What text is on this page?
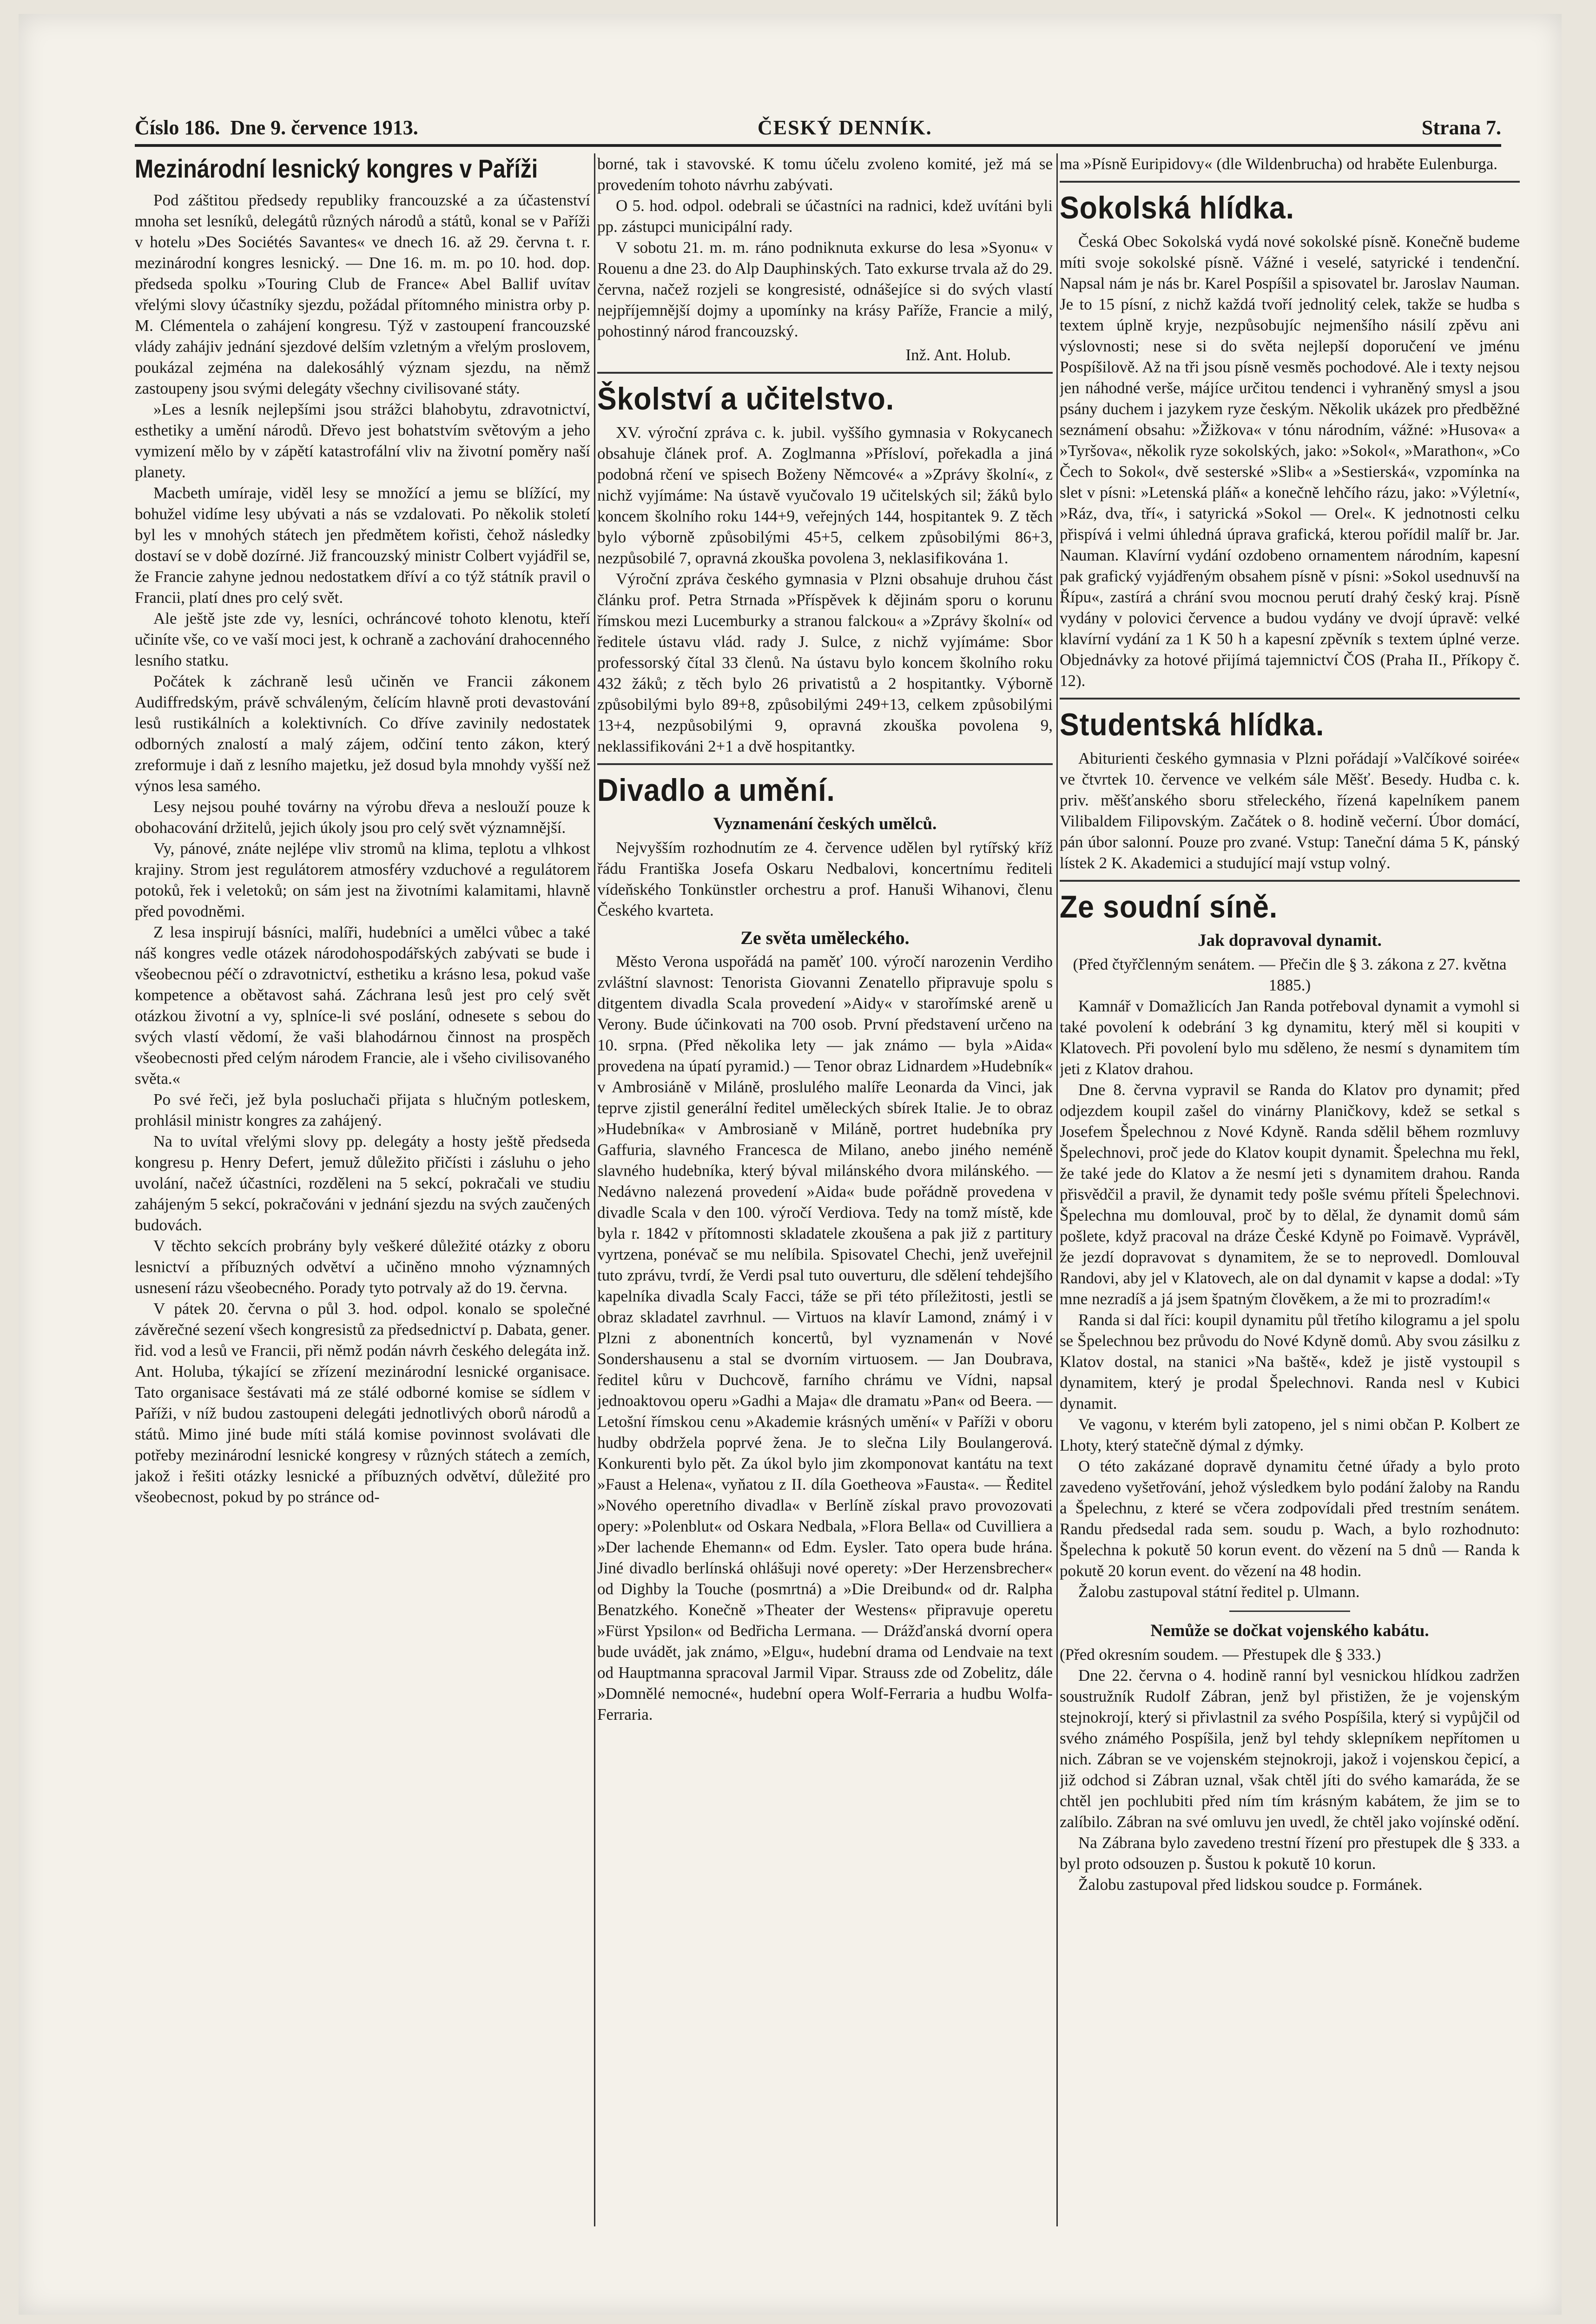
Číslo 186. Dne 9. července 1913.	ČESKÝ DENNÍK.	Strana 7.
Mezinárodní lesnický kongres v Paříži

Pod záštitou předsedy republiky francouzské a za účastenství mnoha set lesníků, delegátů různých národů a států, konal se v Paříži v hotelu »Des Sociétés Savantes« ve dnech 16. až 29. června t. r. mezinárodní kongres lesnický. — Dne 16. m. m. po 10. hod. dop. předseda spolku »Touring Club de France« Abel Ballif uvítav vřelými slovy účastníky sjezdu, požádal přítomného ministra orby p. M. Clémentela o zahájení kongresu. Týž v zastoupení francouzské vlády zahájiv jednání sjezdové delším vzletným a vřelým proslovem, poukázal zejména na dalekosáhlý význam sjezdu, na němž zastoupeny jsou svými delegáty všechny civilisované státy.

»Les a lesník nejlepšími jsou strážci blahobytu, zdravotnictví, esthetiky a umění národů. Dřevo jest bohatstvím světovým a jeho vymizení mělo by v zápětí katastrofální vliv na životní poměry naší planety.

Macbeth umíraje, viděl lesy se množící a jemu se blížící, my bohužel vidíme lesy ubývati a nás se vzdalovati. Po několik století byl les v mnohých státech jen předmětem kořisti, čehož následky dostaví se v době dozírné. Již francouzský ministr Colbert vyjádřil se, že Francie zahyne jednou nedostatkem dříví a co týž státník pravil o Francii, platí dnes pro celý svět.

Ale ještě jste zde vy, lesníci, ochráncové tohoto klenotu, kteří učiníte vše, co ve vaší moci jest, k ochraně a zachování drahocenného lesního statku.

Počátek k záchraně lesů učiněn ve Francii zákonem Audiffredským, právě schváleným, čelícím hlavně proti devastování lesů rustikálních a kolektivních. Co dříve zavinily nedostatek odborných znalostí a malý zájem, odčiní tento zákon, který zreformuje i daň z lesního majetku, jež dosud byla mnohdy vyšší než výnos lesa samého.

Lesy nejsou pouhé továrny na výrobu dřeva a neslouží pouze k obohacování držitelů, jejich úkoly jsou pro celý svět významnější.

Vy, pánové, znáte nejlépe vliv stromů na klima, teplotu a vlhkost krajiny. Strom jest regulátorem atmosféry vzduchové a regulátorem potoků, řek i veletoků; on sám jest na životními kalamitami, hlavně před povodněmi.

Z lesa inspirují básníci, malíři, hudebníci a umělci vůbec a také náš kongres vedle otázek národohospodářských zabývati se bude i všeobecnou péčí o zdravotnictví, esthetiku a krásno lesa, pokud vaše kompetence a obětavost sahá. Záchrana lesů jest pro celý svět otázkou životní a vy, splníce-li své poslání, odnesete s sebou do svých vlastí vědomí, že vaši blahodárnou činnost na prospěch všeobecnosti před celým národem Francie, ale i všeho civilisovaného světa.«

Po své řeči, jež byla posluchači přijata s hlučným potleskem, prohlásil ministr kongres za zahájený.

Na to uvítal vřelými slovy pp. delegáty a hosty ještě předseda kongresu p. Henry Defert, jemuž důležito přičísti i zásluhu o jeho uvolání, načež účastníci, rozděleni na 5 sekcí, pokračali ve studiu zahájeným 5 sekcí, pokračováni v jednání sjezdu na svých zaučených budovách.

V těchto sekcích probrány byly veškeré důležité otázky z oboru lesnictví a příbuzných odvětví a učiněno mnoho významných usnesení rázu všeobecného. Porady tyto potrvaly až do 19. června.

V pátek 20. června o půl 3. hod. odpol. konalo se společné závěrečné sezení všech kongresistů za předsednictví p. Dabata, gener. řid. vod a lesů ve Francii, při němž podán návrh českého delegáta inž. Ant. Holuba, týkající se zřízení mezinárodní lesnické organisace. Tato organisace šestávati má ze stálé odborné komise se sídlem v Paříži, v níž budou zastoupeni delegáti jednotlivých oborů národů a států. Mimo jiné bude míti stálá komise povinnost svolávati dle potřeby mezinárodní lesnické kongresy v různých státech a zemích, jakož i řešiti otázky lesnické a příbuzných odvětví, důležité pro všeobecnost, pokud by po stránce od-

borné, tak i stavovské. K tomu účelu zvoleno komité, jež má se provedením tohoto návrhu zabývati.

O 5. hod. odpol. odebrali se účastníci na radnici, kdež uvítáni byli pp. zástupci municipální rady.

V sobotu 21. m. m. ráno podniknuta exkurse do lesa »Syonu« v Rouenu a dne 23. do Alp Dauphinských. Tato exkurse trvala až do 29. června, načež rozjeli se kongresisté, odnášejíce si do svých vlastí nejpříjemnější dojmy a upomínky na krásy Paříže, Francie a milý, pohostinný národ francouzský.

Inž. Ant. Holub.
Školství a učitelstvo.

XV. výroční zpráva c. k. jubil. vyššího gymnasia v Rokycanech obsahuje článek prof. A. Zoglmanna »Přísloví, pořekadla a jiná podobná rčení ve spisech Boženy Němcové« a »Zprávy školní«, z nichž vyjímáme: Na ústavě vyučovalo 19 učitelských sil; žáků bylo koncem školního roku 144+9, veřejných 144, hospitantek 9. Z těch bylo výborně způsobilými 45+5, celkem způsobilými 86+3, nezpůsobilé 7, opravná zkouška povolena 3, neklasifikována 1.

Výroční zpráva českého gymnasia v Plzni obsahuje druhou část článku prof. Petra Strnada »Příspěvek k dějinám sporu o korunu římskou mezi Lucemburky a stranou falckou« a »Zprávy školní« od ředitele ústavu vlád. rady J. Sulce, z nichž vyjímáme: Sbor professorský čítal 33 členů. Na ústavu bylo koncem školního roku 432 žáků; z těch bylo 26 privatistů a 2 hospitantky. Výborně způsobilými bylo 89+8, způsobilými 249+13, celkem způsobilými 13+4, nezpůsobilými 9, opravná zkouška povolena 9, neklassifikováni 2+1 a dvě hospitantky.

Divadlo a umění.
Vyznamenání českých umělců.

Nejvyšším rozhodnutím ze 4. července udělen byl rytířský kříž řádu Františka Josefa Oskaru Nedbalovi, koncertnímu řediteli vídeňského Tonkünstler orchestru a prof. Hanuši Wihanovi, členu Českého kvarteta.

Ze světa uměleckého.

Město Verona uspořádá na paměť 100. výročí narozenin Verdiho zvláštní slavnost: Tenorista Giovanni Zenatello připravuje spolu s ditgentem divadla Scala provedení »Aidy« v starořímské areně u Verony. Bude účinkovati na 700 osob. První představení určeno na 10. srpna. (Před několika lety — jak známo — byla »Aida« provedena na úpatí pyramid.) — Tenor obraz Lidnardem »Hudebník« v Ambrosiáně v Miláně, proslulého malíře Leonarda da Vinci, jak teprve zjistil generální ředitel uměleckých sbírek Italie. Je to obraz »Hudebníka« v Ambrosianě v Miláně, portret hudebníka pry Gaffuria, slavného Francesca de Milano, anebo jiného neméně slavného hudebníka, který býval milánského dvora milánského. — Nedávno nalezená provedení »Aida« bude pořádně provedena v divadle Scala v den 100. výročí Verdiova. Tedy na tomž místě, kde byla r. 1842 v přítomnosti skladatele zkoušena a pak již z partitury vyrtzena, ponévač se mu nelíbila. Spisovatel Chechi, jenž uveřejnil tuto zprávu, tvrdí, že Verdi psal tuto ouverturu, dle sdělení tehdejšího kapelníka divadla Scaly Facci, táže se při této příležitosti, jestli se obraz skladatel zavrhnul. — Virtuos na klavír Lamond, známý i v Plzni z abonentních koncertů, byl vyznamenán v Nové Sondershausenu a stal se dvorním virtuosem. — Jan Doubrava, ředitel kůru v Duchcově, farního chrámu ve Vídni, napsal jednoaktovou operu »Gadhi a Maja« dle dramatu »Pan« od Beera. — Letošní římskou cenu »Akademie krásných umění« v Paříži v oboru hudby obdržela poprvé žena. Je to slečna Lily Boulangerová. Konkurenti bylo pět. Za úkol bylo jim zkomponovat kantátu na text »Faust a Helena«, vyňatou z II. díla Goetheova »Fausta«. — Ředitel »Nového operetního divadla« v Berlíně získal pravo provozovati opery: »Polenblut« od Oskara Nedbala, »Flora Bella« od Cuvilliera a »Der lachende Ehemann« od Edm. Eysler. Tato opera bude hrána. Jiné divadlo berlínská ohlášuji nové operety: »Der Herzensbrecher« od Dighby la Touche (posmrtná) a »Die Dreibund« od dr. Ralpha Benatzkého. Konečně »Theater der Westens« připravuje operetu »Fürst Ypsilon« od Bedřicha Lermana. — Drážďanská dvorní opera bude uvádět, jak známo, »Elgu«, hudební drama od Lendvaie na text od Hauptmanna spracoval Jarmil Vipar. Strauss zde od Zobelitz, dále »Domnělé nemocné«, hudební opera Wolf-Ferraria a hudbu Wolfa-Ferraria.

ma »Písně Euripidovy« (dle Wildenbrucha) od hraběte Eulenburga.

Sokolská hlídka.

Česká Obec Sokolská vydá nové sokolské písně. Konečně budeme míti svoje sokolské písně. Vážné i veselé, satyrické i tendenční. Napsal nám je nás br. Karel Pospíšil a spisovatel br. Jaroslav Nauman. Je to 15 písní, z nichž každá tvoří jednolitý celek, takže se hudba s textem úplně kryje, nezpůsobujíc nejmenšího násilí zpěvu ani výslovnosti; nese si do světa nejlepší doporučení ve jménu Pospíšilově. Až na tři jsou písně vesměs pochodové. Ale i texty nejsou jen náhodné verše, májíce určitou tendenci i vyhraněný smysl a jsou psány duchem i jazykem ryze českým. Několik ukázek pro předběžné seznámení obsahu: »Žižkova« v tónu národním, vážné: »Husova« a »Tyršova«, několik ryze sokolských, jako: »Sokol«, »Marathon«, »Co Čech to Sokol«, dvě sesterské »Slib« a »Sestierská«, vzpomínka na slet v písni: »Letenská pláň« a konečně lehčího rázu, jako: »Výletní«, »Ráz, dva, tří«, i satyrická »Sokol — Orel«. K jednotnosti celku přispívá i velmi úhledná úprava grafická, kterou pořídil malíř br. Jar. Nauman. Klavírní vydání ozdobeno ornamentem národním, kapesní pak grafický vyjádřeným obsahem písně v písni: »Sokol usednuvší na Řípu«, zastírá a chrání svou mocnou perutí drahý český kraj. Písně vydány v polovici července a budou vydány ve dvojí úpravě: velké klavírní vydání za 1 K 50 h a kapesní zpěvník s textem úplné verze. Objednávky za hotové přijímá tajemnictví ČOS (Praha II., Příkopy č. 12).

Studentská hlídka.

Abiturienti českého gymnasia v Plzni pořádají »Valčíkové soirée« ve čtvrtek 10. července ve velkém sále Měšť. Besedy. Hudba c. k. priv. měšťanského sboru střeleckého, řízená kapelníkem panem Vilibaldem Filipovským. Začátek o 8. hodině večerní. Úbor domácí, pán úbor salonní. Pouze pro zvané. Vstup: Taneční dáma 5 K, pánský lístek 2 K. Akademici a studující mají vstup volný.

Ze soudní síně.
Jak dopravoval dynamit.

(Před čtyřčlenným senátem. — Přečin dle § 3. zákona z 27. května 1885.)

Kamnář v Domažlicích Jan Randa potřeboval dynamit a vymohl si také povolení k odebrání 3 kg dynamitu, který měl si koupiti v Klatovech. Při povolení bylo mu sděleno, že nesmí s dynamitem tím jeti z Klatov drahou.

Dne 8. června vypravil se Randa do Klatov pro dynamit; před odjezdem koupil zašel do vinárny Planičkovy, kdež se setkal s Josefem Špelechnou z Nové Kdyně. Randa sdělil během rozmluvy Špelechnovi, proč jede do Klatov koupit dynamit. Špelechna mu řekl, že také jede do Klatov a že nesmí jeti s dynamitem drahou. Randa přisvědčil a pravil, že dynamit tedy pošle svému příteli Špelechnovi. Špelechna mu domlouval, proč by to dělal, že dynamit domů sám pošlete, když pracoval na dráze České Kdyně po Foimavě. Vyprávěl, že jezdí dopravovat s dynamitem, že se to neprovedl. Domlouval Randovi, aby jel v Klatovech, ale on dal dynamit v kapse a dodal: »Ty mne nezradíš a já jsem špatným člověkem, a že mi to prozradím!«

Randa si dal říci: koupil dynamitu půl třetího kilogramu a jel spolu se Špelechnou bez průvodu do Nové Kdyně domů. Aby svou zásilku z Klatov dostal, na stanici »Na baště«, kdež je jistě vystoupil s dynamitem, který je prodal Špelechnovi. Randa nesl v Kubici dynamit.

Ve vagonu, v kterém byli zatopeno, jel s nimi občan P. Kolbert ze Lhoty, který statečně dýmal z dýmky.

O této zakázané dopravě dynamitu četné úřady a bylo proto zavedeno vyšetřování, jehož výsledkem bylo podání žaloby na Randu a Špelechnu, z které se včera zodpovídali před trestním senátem. Randu předsedal rada sem. soudu p. Wach, a bylo rozhodnuto: Špelechna k pokutě 50 korun event. do vězení na 5 dnů — Randa k pokutě 20 korun event. do vězení na 48 hodin.

Žalobu zastupoval státní ředitel p. Ulmann.

Nemůže se dočkat vojenského kabátu.

(Před okresním soudem. — Přestupek dle § 333.)

Dne 22. června o 4. hodině ranní byl vesnickou hlídkou zadržen soustružník Rudolf Zábran, jenž byl přistižen, že je vojenským stejnokrojí, který si přivlastnil za svého Pospíšila, který si vypůjčil od svého známého Pospíšila, jenž byl tehdy sklepníkem nepřítomen u nich. Zábran se ve vojenském stejnokroji, jakož i vojenskou čepicí, a již odchod si Zábran uznal, však chtěl jíti do svého kamaráda, že se chtěl jen pochlubiti před ním tím krásným kabátem, že jim se to zalíbilo. Zábran na své omluvu jen uvedl, že chtěl jako vojínské odění.

Na Zábrana bylo zavedeno trestní řízení pro přestupek dle § 333. a byl proto odsouzen p. Šustou k pokutě 10 korun.

Žalobu zastupoval před lidskou soudce p. Formánek.
